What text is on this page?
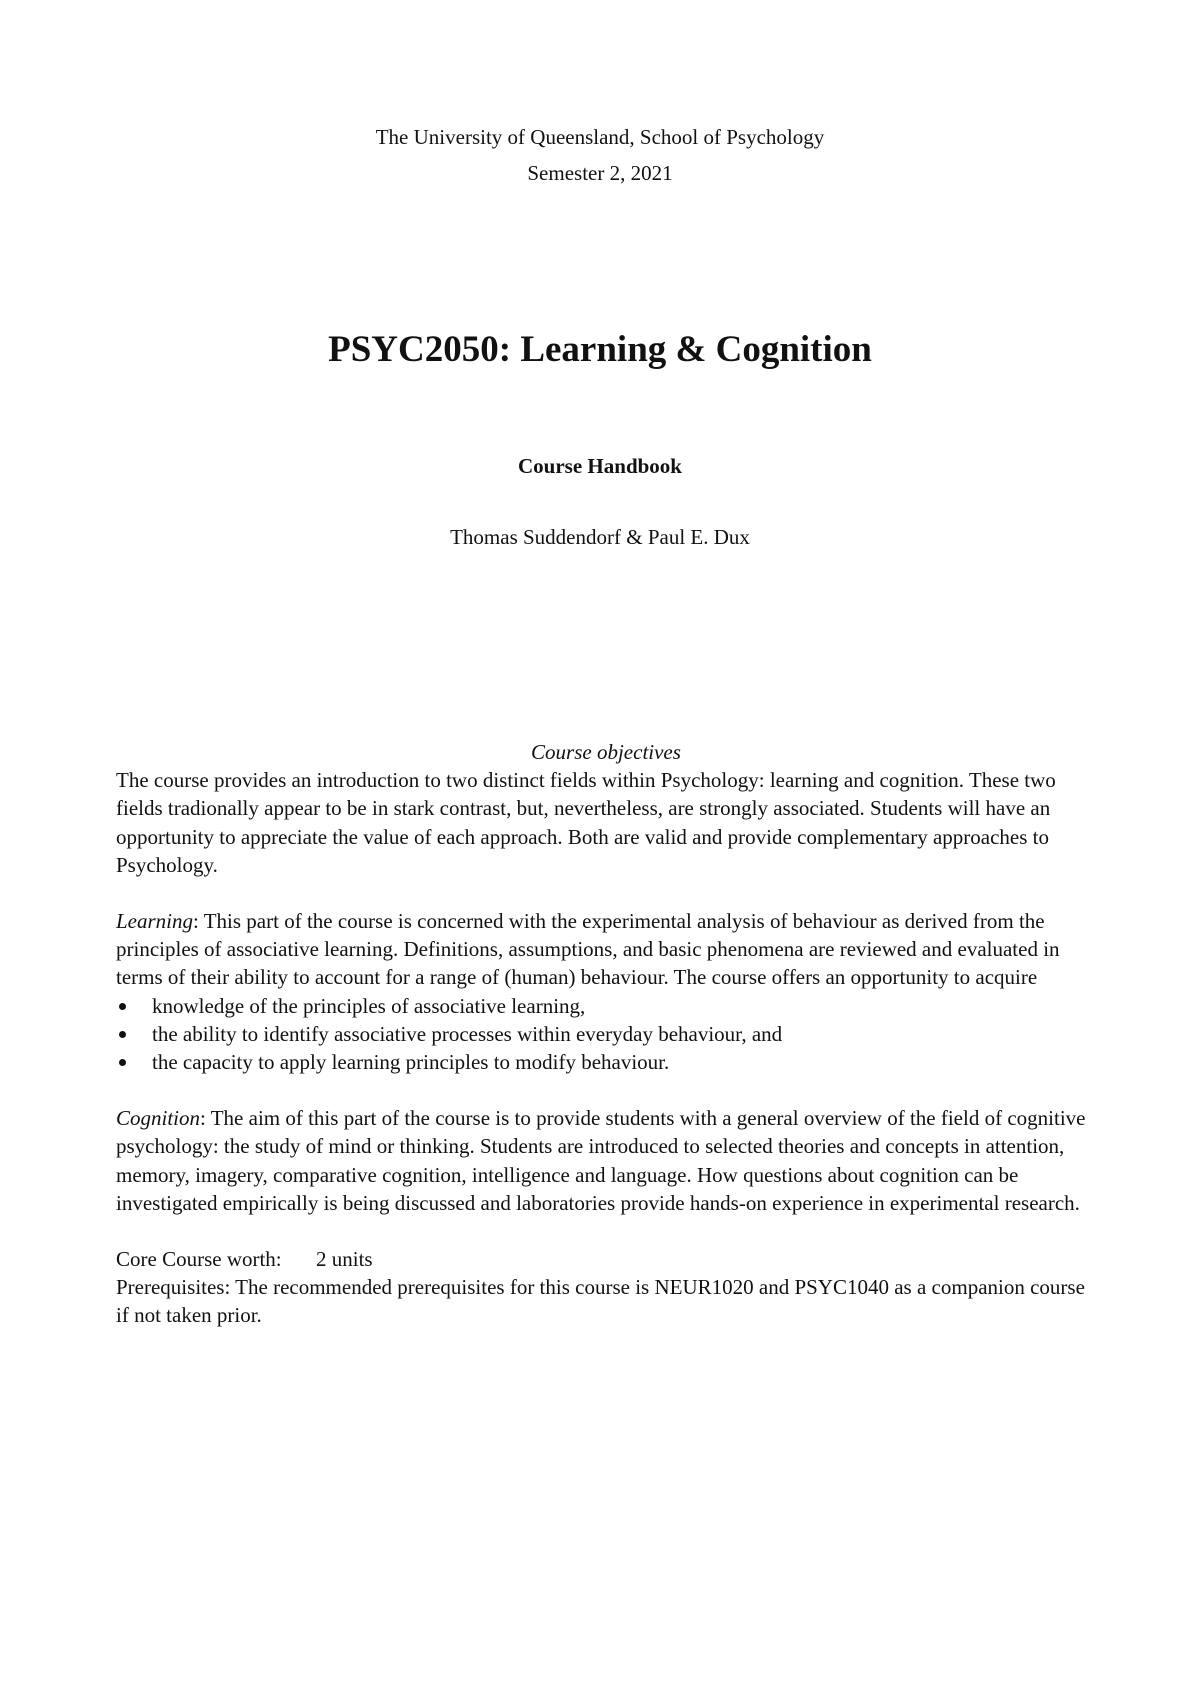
The University of Queensland, School of Psychology
Semester 2, 2021
PSYC2050: Learning & Cognition
Course Handbook
Thomas Suddendorf & Paul E. Dux

Course objectives

The course provides an introduction to two distinct fields within Psychology: learning and cognition. These two fields tradionally appear to be in stark contrast, but, nevertheless, are strongly associated. Students will have an opportunity to appreciate the value of each approach. Both are valid and provide complementary approaches to Psychology.

Learning: This part of the course is concerned with the experimental analysis of behaviour as derived from the principles of associative learning. Definitions, assumptions, and basic phenomena are reviewed and evaluated in terms of their ability to account for a range of (human) behaviour. The course offers an opportunity to acquire

knowledge of the principles of associative learning,
the ability to identify associative processes within everyday behaviour, and
the capacity to apply learning principles to modify behaviour.

Cognition: The aim of this part of the course is to provide students with a general overview of the field of cognitive psychology: the study of mind or thinking. Students are introduced to selected theories and concepts in attention, memory, imagery, comparative cognition, intelligence and language. How questions about cognition can be investigated empirically is being discussed and laboratories provide hands-on experience in experimental research.

Core Course worth: 2 units

Prerequisites: The recommended prerequisites for this course is NEUR1020 and PSYC1040 as a companion course if not taken prior.
